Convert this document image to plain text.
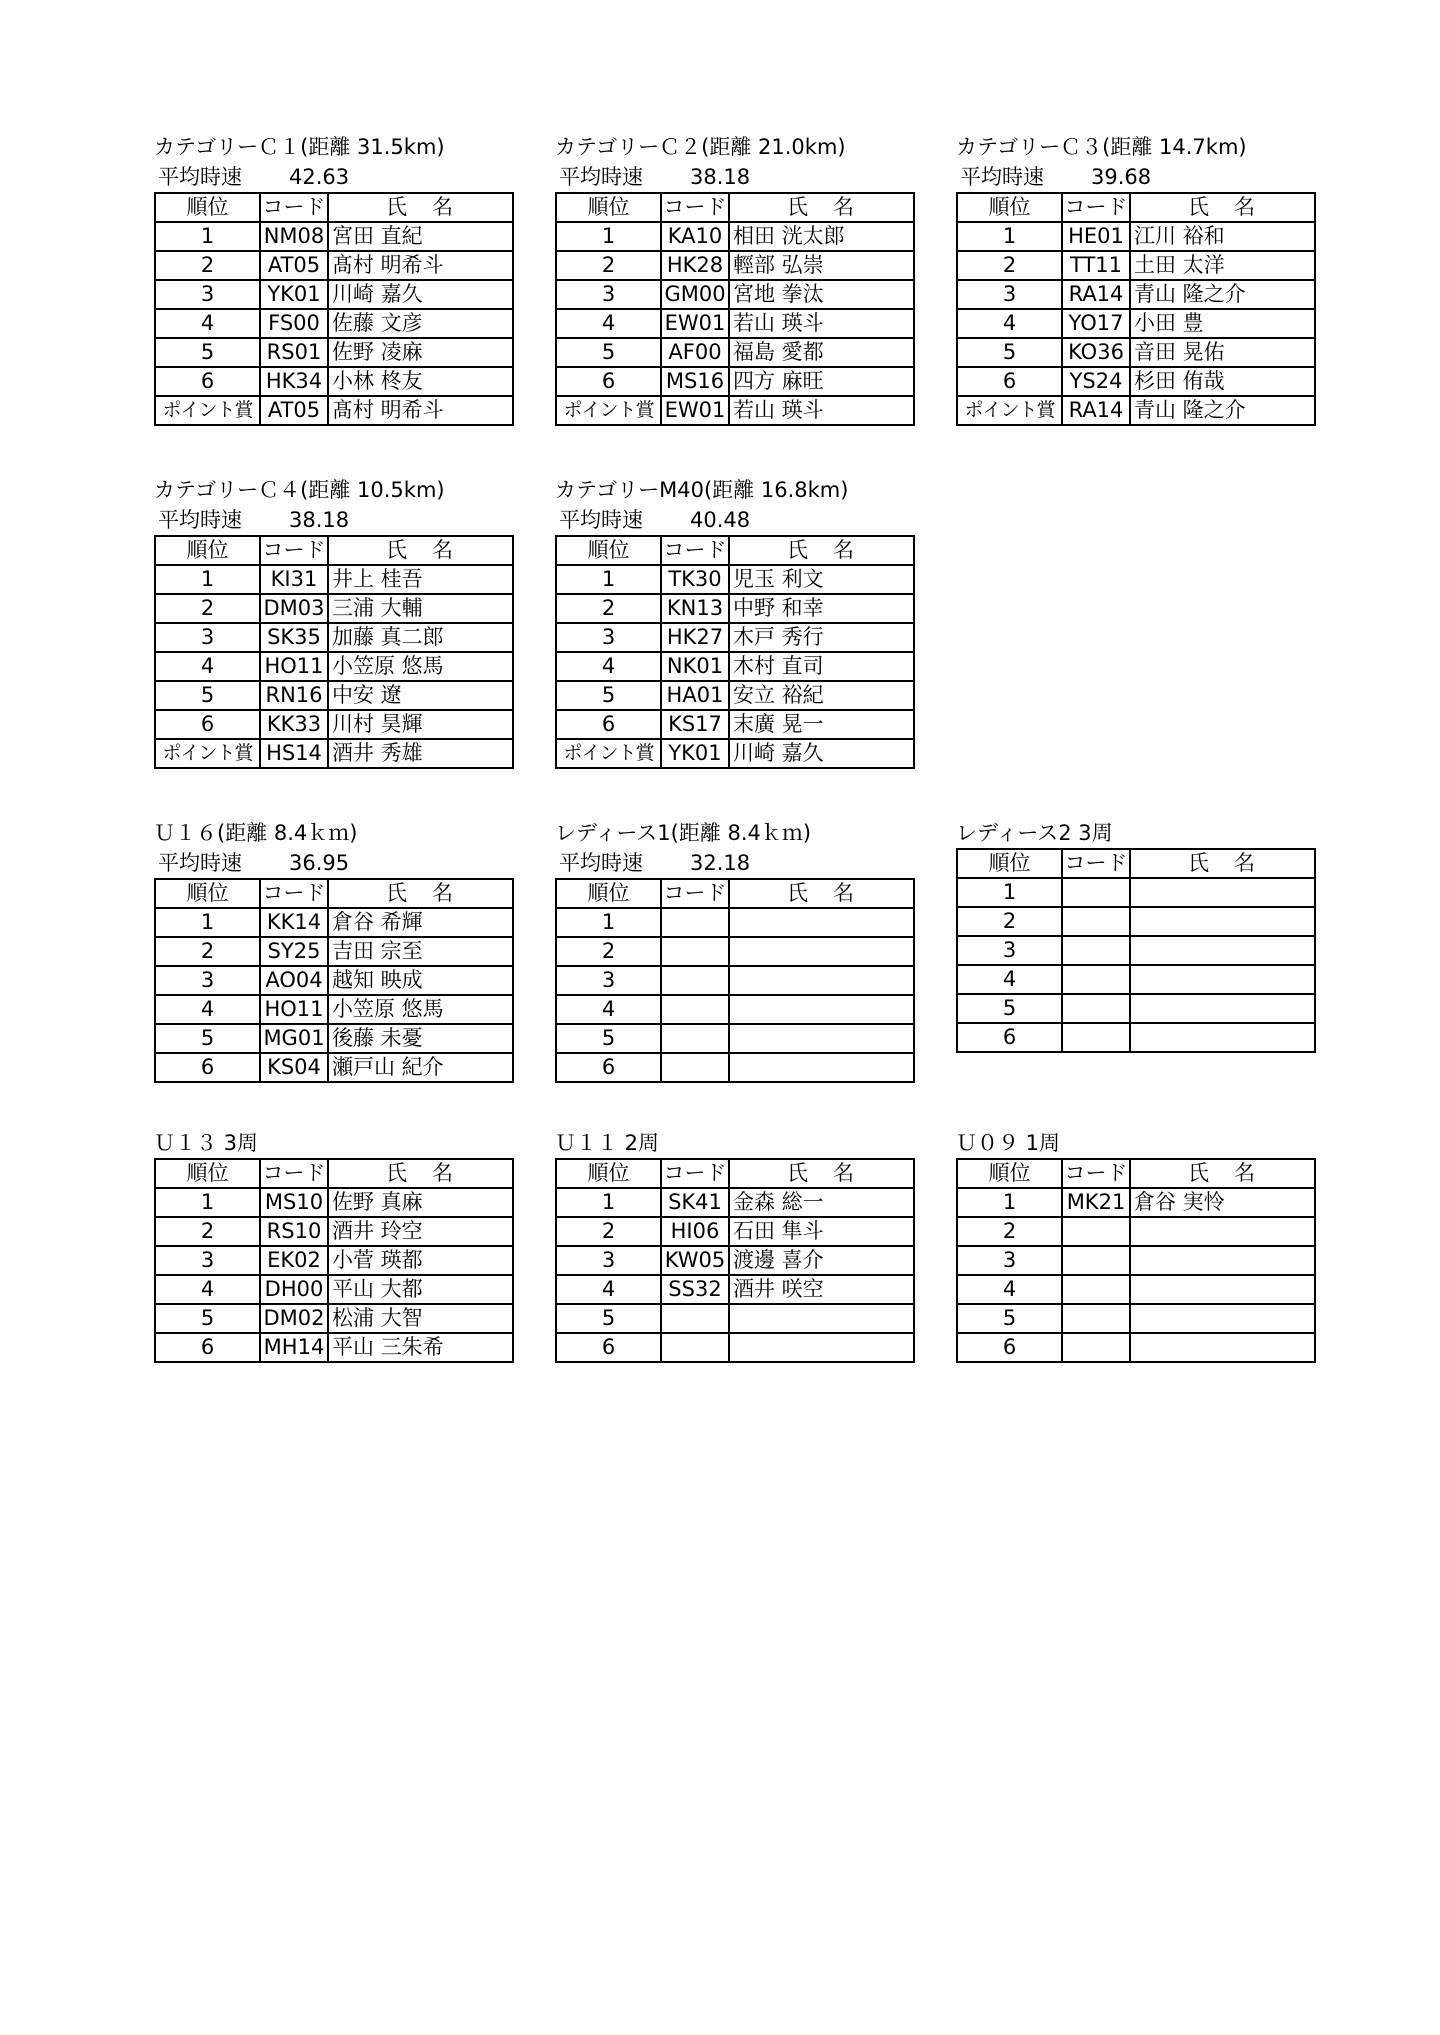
カテゴリーＣ１(距離 31.5km)
平均時速 42.63
順位	コード	氏　名
1	NM08	宮田 直紀
2	AT05	髙村 明希斗
3	YK01	川崎 嘉久
4	FS00	佐藤 文彦
5	RS01	佐野 凌麻
6	HK34	小林 柊友
ポイント賞	AT05	髙村 明希斗
カテゴリーＣ２(距離 21.0km)
平均時速 38.18
順位	コード	氏　名
1	KA10	相田 洸太郎
2	HK28	輕部 弘崇
3	GM00	宮地 拳汰
4	EW01	若山 瑛斗
5	AF00	福島 愛都
6	MS16	四方 麻旺
ポイント賞	EW01	若山 瑛斗
カテゴリーＣ３(距離 14.7km)
平均時速 39.68
順位	コード	氏　名
1	HE01	江川 裕和
2	TT11	土田 太洋
3	RA14	青山 隆之介
4	YO17	小田 豊
5	KO36	音田 晃佑
6	YS24	杉田 侑哉
ポイント賞	RA14	青山 隆之介
カテゴリーＣ４(距離 10.5km)
平均時速 38.18
順位	コード	氏　名
1	KI31	井上 桂吾
2	DM03	三浦 大輔
3	SK35	加藤 真二郎
4	HO11	小笠原 悠馬
5	RN16	中安 遼
6	KK33	川村 昊輝
ポイント賞	HS14	酒井 秀雄
カテゴリーM40(距離 16.8km)
平均時速 40.48
順位	コード	氏　名
1	TK30	児玉 利文
2	KN13	中野 和幸
3	HK27	木戸 秀行
4	NK01	木村 直司
5	HA01	安立 裕紀
6	KS17	末廣 晃一
ポイント賞	YK01	川崎 嘉久
Ｕ１６(距離 8.4ｋｍ)
平均時速 36.95
順位	コード	氏　名
1	KK14	倉谷 希輝
2	SY25	吉田 宗至
3	AO04	越知 映成
4	HO11	小笠原 悠馬
5	MG01	後藤 未憂
6	KS04	瀬戸山 紀介
レディース1(距離 8.4ｋｍ)
平均時速 32.18
順位	コード	氏　名
1		
2		
3		
4		
5		
6		
レディース2 3周
順位	コード	氏　名
1		
2		
3		
4		
5		
6		
Ｕ１３ 3周
順位	コード	氏　名
1	MS10	佐野 真麻
2	RS10	酒井 玲空
3	EK02	小菅 瑛都
4	DH00	平山 大都
5	DM02	松浦 大智
6	MH14	平山 三朱希
Ｕ１１ 2周
順位	コード	氏　名
1	SK41	金森 総一
2	HI06	石田 隼斗
3	KW05	渡邊 喜介
4	SS32	酒井 咲空
5		
6		
Ｕ０９ 1周
順位	コード	氏　名
1	MK21	倉谷 実怜
2		
3		
4		
5		
6		
